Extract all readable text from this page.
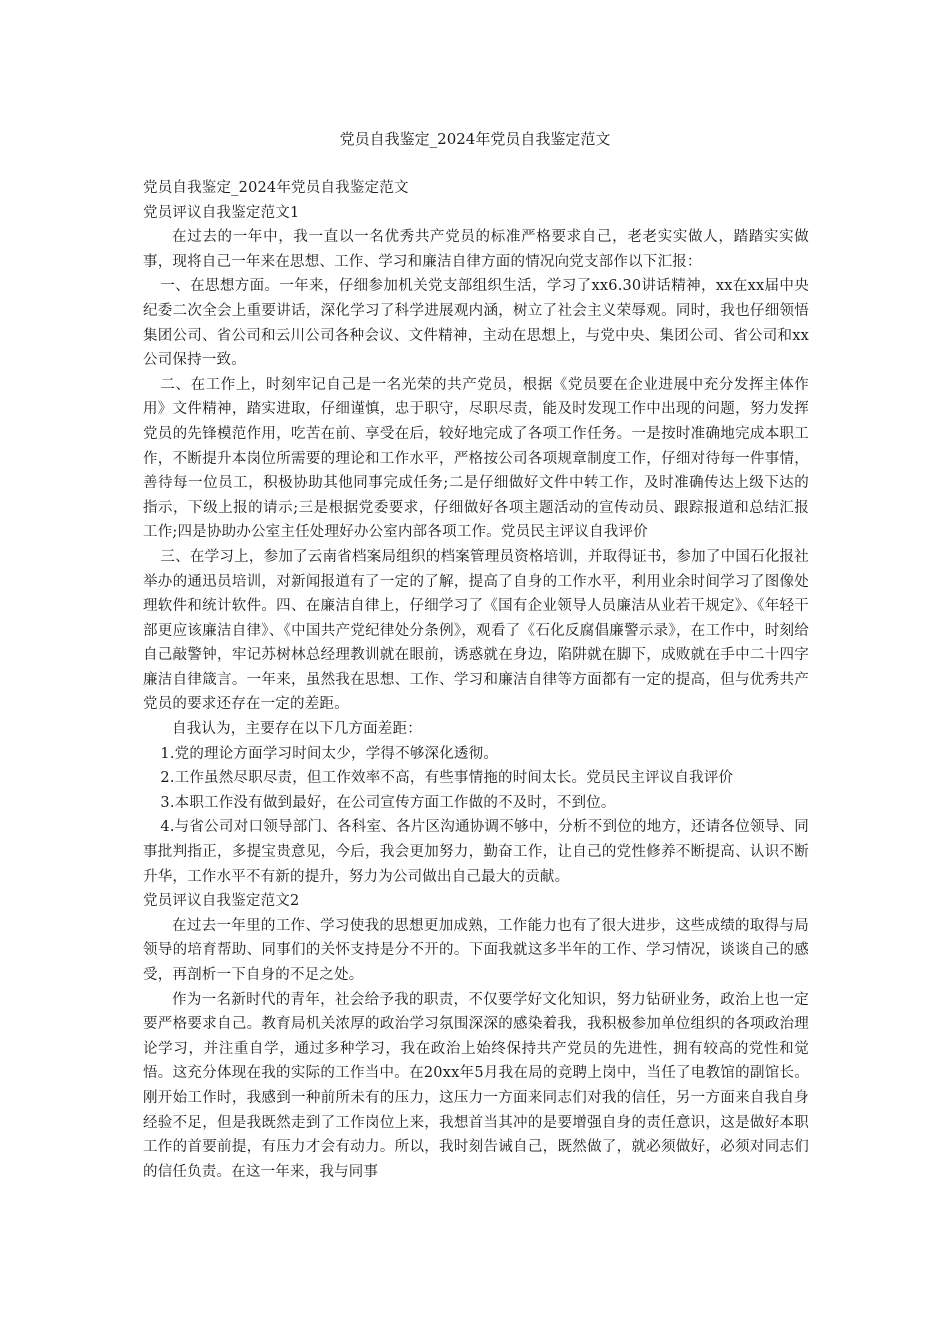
党员自我鉴定_2024年党员自我鉴定范文

党员自我鉴定_2024年党员自我鉴定范文

党员评议自我鉴定范文1

在过去的一年中，我一直以一名优秀共产党员的标准严格要求自己，老老实实做人，踏踏实实做事，现将自己一年来在思想、工作、学习和廉洁自律方面的情况向党支部作以下汇报：

一、在思想方面。一年来，仔细参加机关党支部组织生活，学习了xx6.30讲话精神，xx在xx届中央纪委二次全会上重要讲话，深化学习了科学进展观内涵，树立了社会主义荣辱观。同时，我也仔细领悟集团公司、省公司和云川公司各种会议、文件精神，主动在思想上，与党中央、集团公司、省公司和xx公司保持一致。

二、在工作上，时刻牢记自己是一名光荣的共产党员，根据《党员要在企业进展中充分发挥主体作用》文件精神，踏实进取，仔细谨慎，忠于职守，尽职尽责，能及时发现工作中出现的问题，努力发挥党员的先锋模范作用，吃苦在前、享受在后，较好地完成了各项工作任务。一是按时准确地完成本职工作，不断提升本岗位所需要的理论和工作水平，严格按公司各项规章制度工作，仔细对待每一件事情，善待每一位员工，积极协助其他同事完成任务;二是仔细做好文件中转工作，及时准确传达上级下达的指示，下级上报的请示;三是根据党委要求，仔细做好各项主题活动的宣传动员、跟踪报道和总结汇报工作;四是协助办公室主任处理好办公室内部各项工作。党员民主评议自我评价

三、在学习上，参加了云南省档案局组织的档案管理员资格培训，并取得证书，参加了中国石化报社举办的通迅员培训，对新闻报道有了一定的了解，提高了自身的工作水平，利用业余时间学习了图像处理软件和统计软件。四、在廉洁自律上，仔细学习了《国有企业领导人员廉洁从业若干规定》、《年轻干部更应该廉洁自律》、《中国共产党纪律处分条例》，观看了《石化反腐倡廉警示录》，在工作中，时刻给自己敲警钟，牢记苏树林总经理教训就在眼前，诱惑就在身边，陷阱就在脚下，成败就在手中二十四字廉洁自律箴言。一年来，虽然我在思想、工作、学习和廉洁自律等方面都有一定的提高，但与优秀共产党员的要求还存在一定的差距。

自我认为，主要存在以下几方面差距：

1.党的理论方面学习时间太少，学得不够深化透彻。

2.工作虽然尽职尽责，但工作效率不高，有些事情拖的时间太长。党员民主评议自我评价

3.本职工作没有做到最好，在公司宣传方面工作做的不及时，不到位。

4.与省公司对口领导部门、各科室、各片区沟通协调不够中，分析不到位的地方，还请各位领导、同事批判指正，多提宝贵意见，今后，我会更加努力，勤奋工作，让自己的党性修养不断提高、认识不断升华，工作水平不有新的提升，努力为公司做出自己最大的贡献。

党员评议自我鉴定范文2

在过去一年里的工作、学习使我的思想更加成熟，工作能力也有了很大进步，这些成绩的取得与局领导的培育帮助、同事们的关怀支持是分不开的。下面我就这多半年的工作、学习情况，谈谈自己的感受，再剖析一下自身的不足之处。

作为一名新时代的青年，社会给予我的职责，不仅要学好文化知识，努力钻研业务，政治上也一定要严格要求自己。教育局机关浓厚的政治学习氛围深深的感染着我，我积极参加单位组织的各项政治理论学习，并注重自学，通过多种学习，我在政治上始终保持共产党员的先进性，拥有较高的党性和觉悟。这充分体现在我的实际的工作当中。在20xx年5月我在局的竞聘上岗中，当任了电教馆的副馆长。刚开始工作时，我感到一种前所未有的压力，这压力一方面来同志们对我的信任，另一方面来自我自身经验不足，但是我既然走到了工作岗位上来，我想首当其冲的是要增强自身的责任意识，这是做好本职工作的首要前提，有压力才会有动力。所以，我时刻告诫自己，既然做了，就必须做好，必须对同志们的信任负责。在这一年来，我与同事
